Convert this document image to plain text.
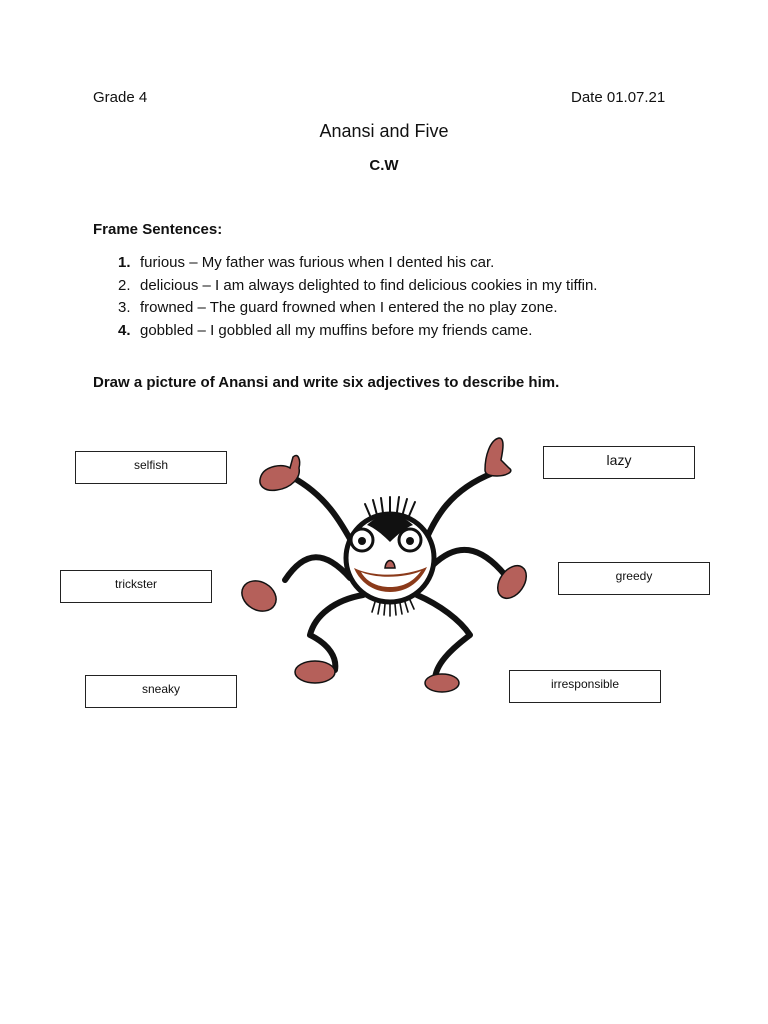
Grade 4	Date 01.07.21
Anansi and Five
C.W
Frame Sentences:
1. furious – My father was furious when I dented his car.
2. delicious – I am always delighted to find delicious cookies in my tiffin.
3. frowned – The guard frowned when I entered the no play zone.
4. gobbled – I gobbled all my muffins before my friends came.
Draw a picture of Anansi and write six adjectives to describe him.
selfish	lazy
trickster
greedy
sneaky	irresponsible
